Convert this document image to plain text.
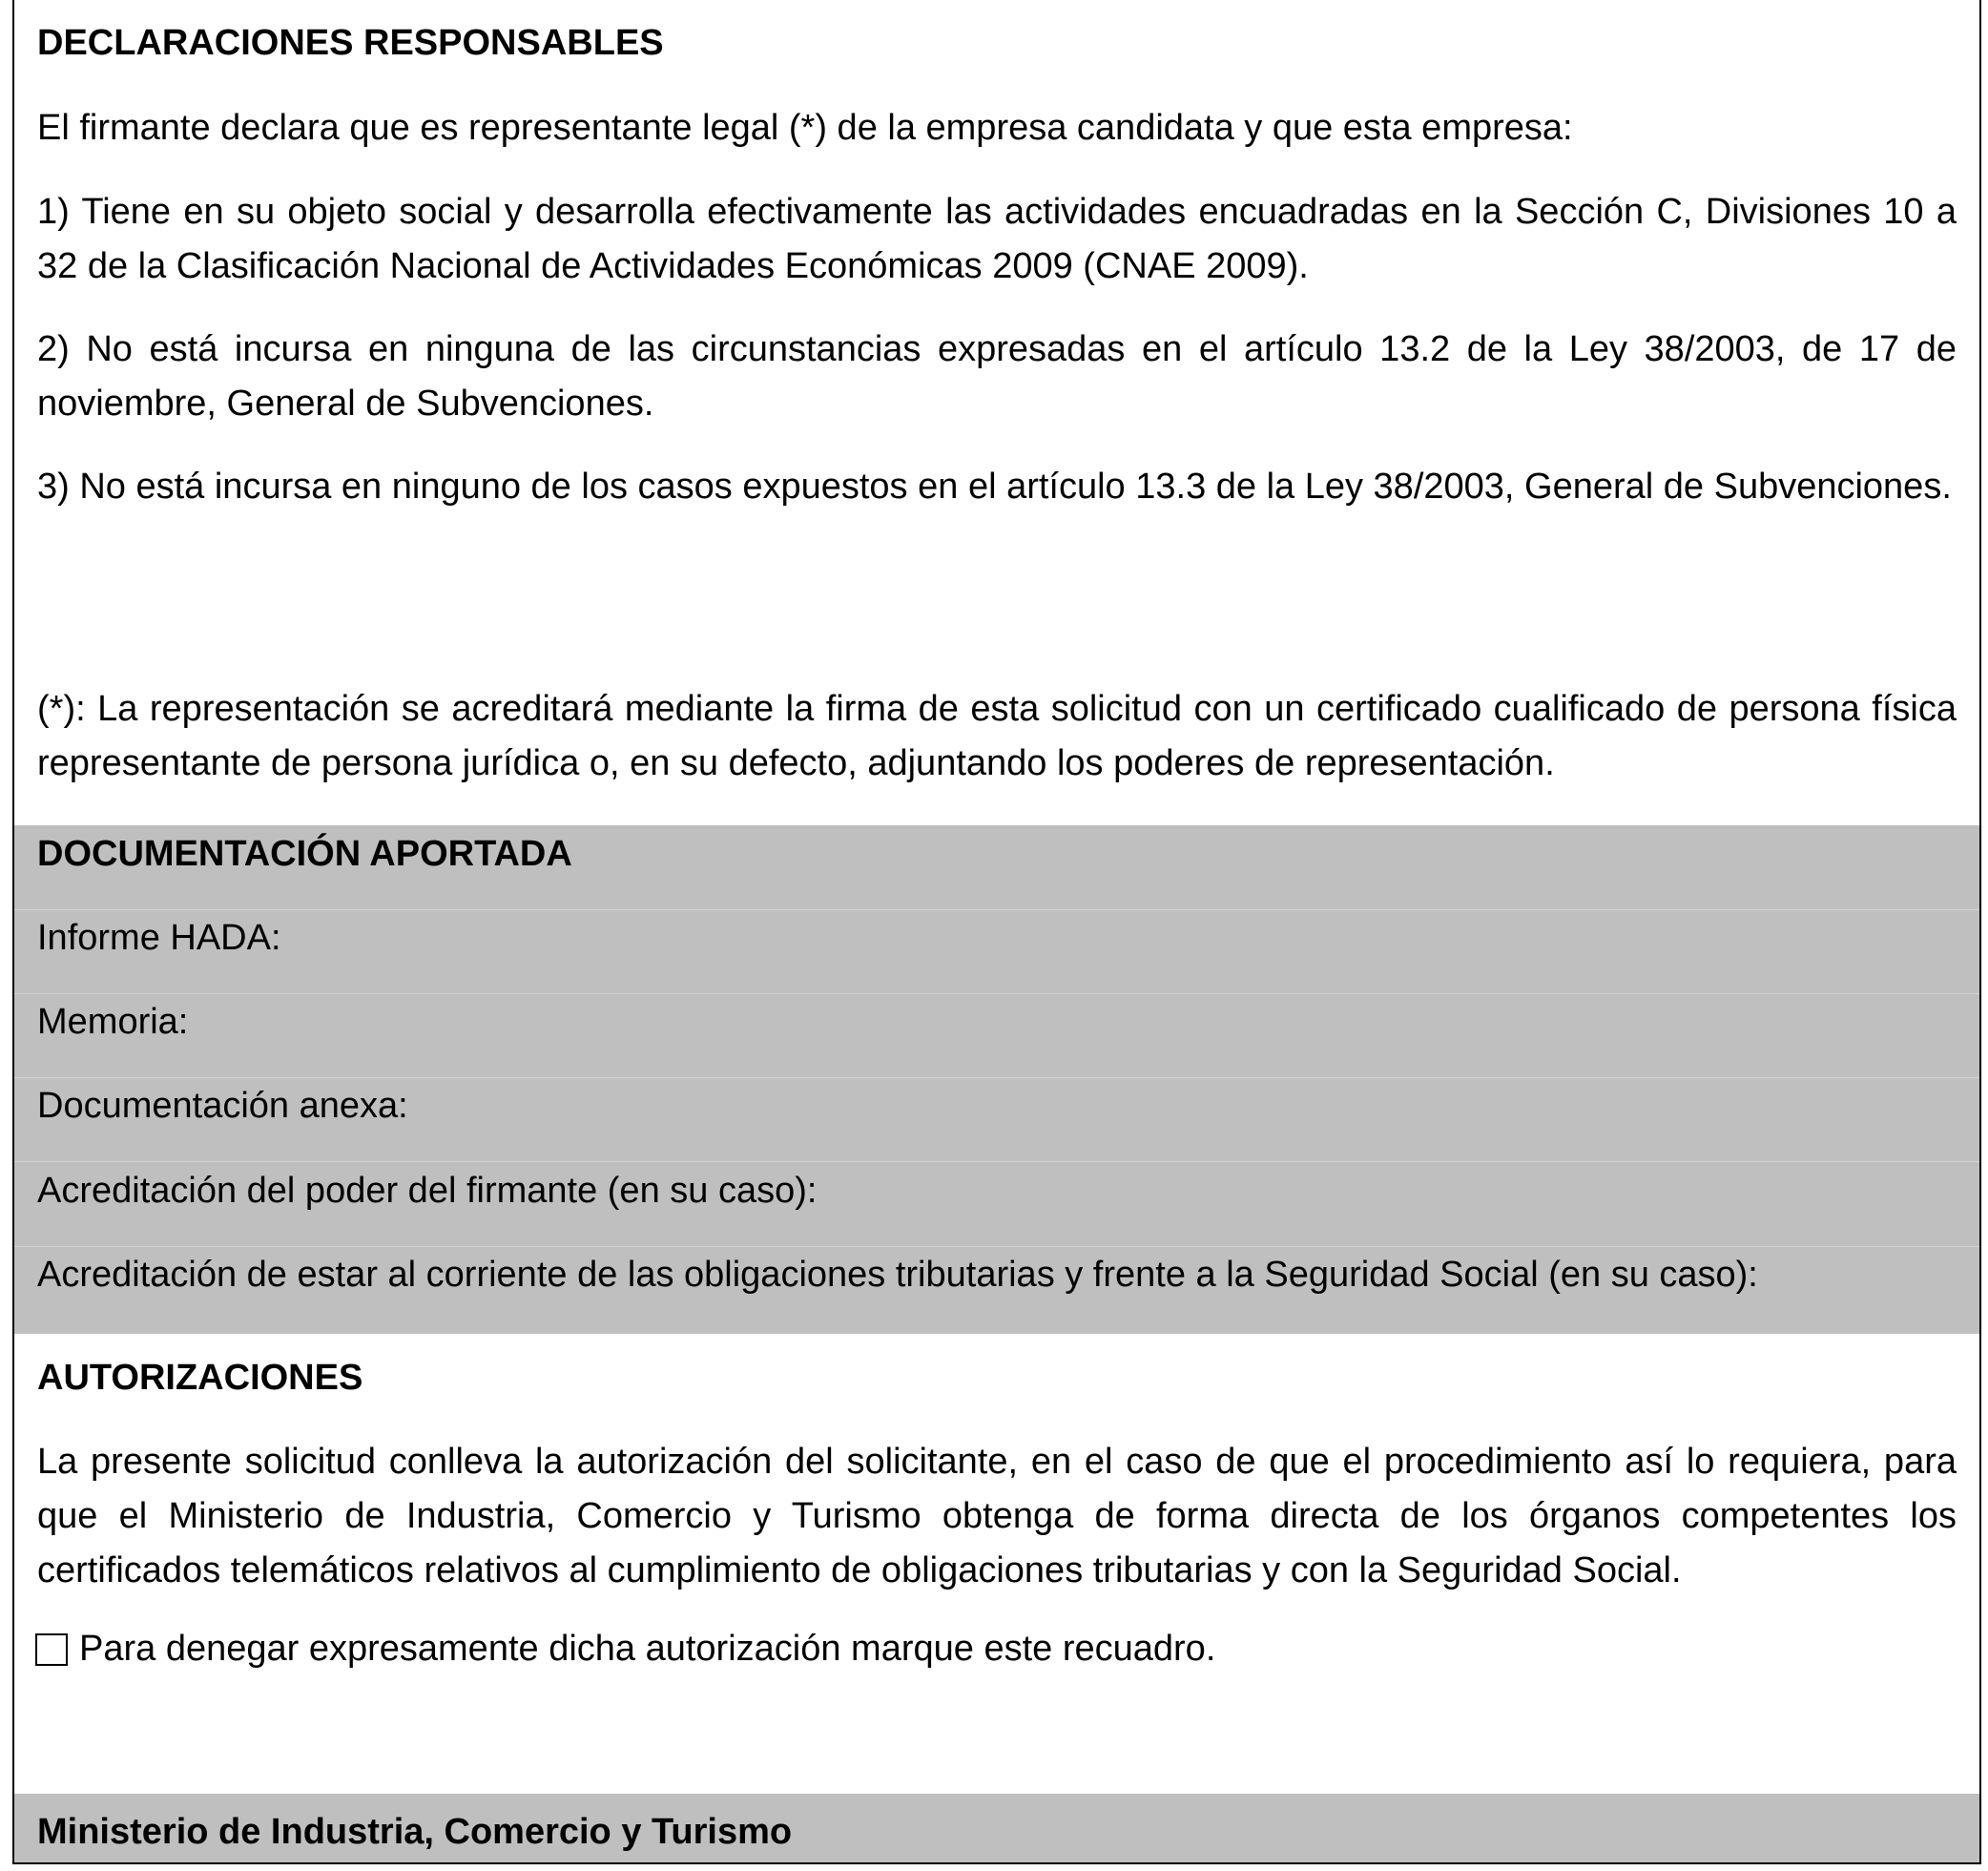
DECLARACIONES RESPONSABLES

El firmante declara que es representante legal (*) de la empresa candidata y que esta empresa:

1) Tiene en su objeto social y desarrolla efectivamente las actividades encuadradas en la Sección C, Divisiones 10 a 32 de la Clasificación Nacional de Actividades Económicas 2009 (CNAE 2009).

2) No está incursa en ninguna de las circunstancias expresadas en el artículo 13.2 de la Ley 38/2003, de 17 de noviembre, General de Subvenciones.

3) No está incursa en ninguno de los casos expuestos en el artículo 13.3 de la Ley 38/2003, General de Subvenciones.

(*): La representación se acreditará mediante la firma de esta solicitud con un certificado cualificado de persona física representante de persona jurídica o, en su defecto, adjuntando los poderes de representación.

DOCUMENTACIÓN APORTADA

Informe HADA:

Memoria:

Documentación anexa:

Acreditación del poder del firmante (en su caso):

Acreditación de estar al corriente de las obligaciones tributarias y frente a la Seguridad Social (en su caso):

AUTORIZACIONES

La presente solicitud conlleva la autorización del solicitante, en el caso de que el procedimiento así lo requiera, para que el Ministerio de Industria, Comercio y Turismo obtenga de forma directa de los órganos competentes los certificados telemáticos relativos al cumplimiento de obligaciones tributarias y con la Seguridad Social.

Para denegar expresamente dicha autorización marque este recuadro.

Ministerio de Industria, Comercio y Turismo
